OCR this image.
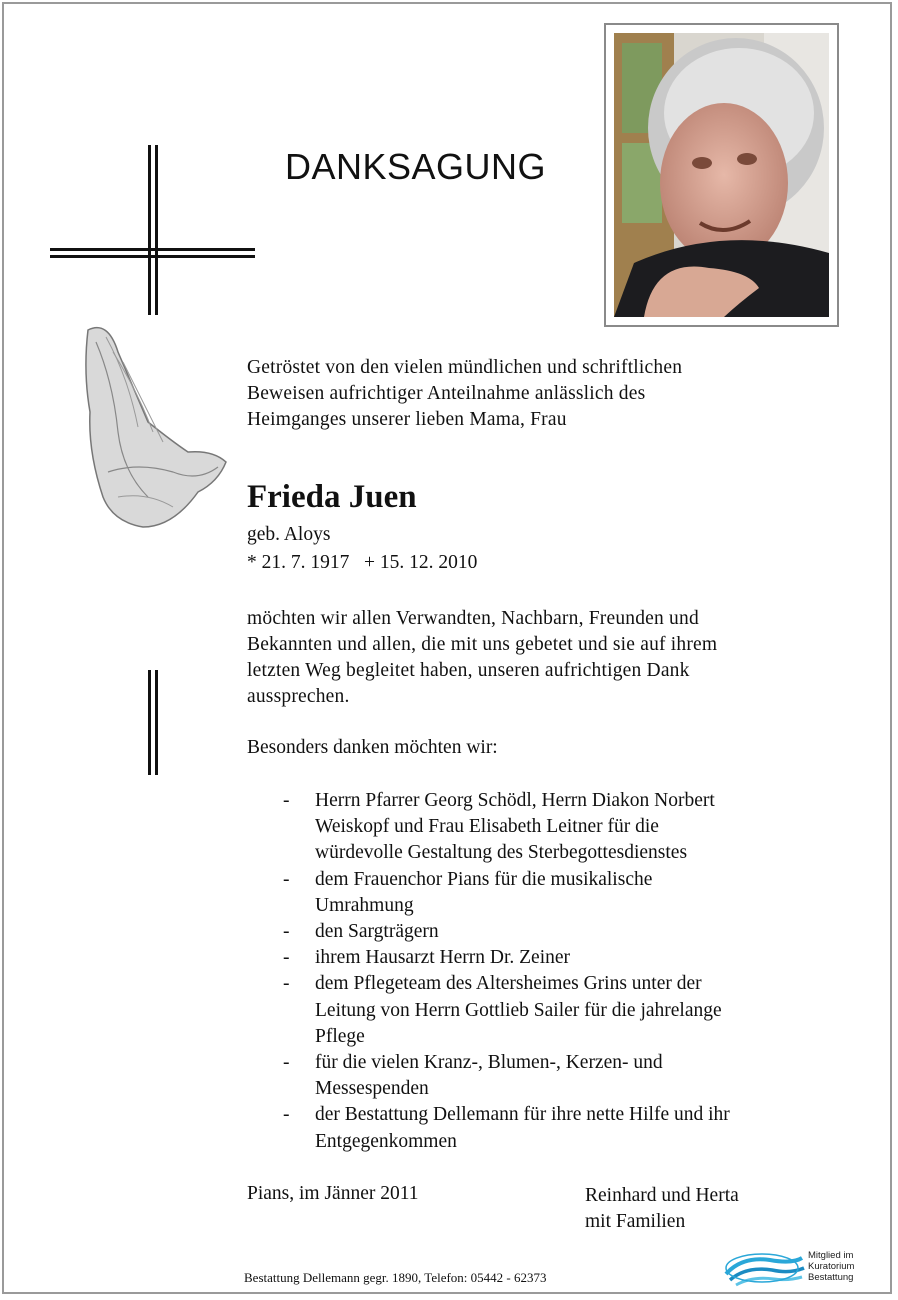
DANKSAGUNG
Getröstet von den vielen mündlichen und schriftlichen
Beweisen aufrichtiger Anteilnahme anlässlich des
Heimganges unserer lieben Mama, Frau
Frieda Juen
geb. Aloys
* 21. 7. 1917   + 15. 12. 2010
möchten wir allen Verwandten, Nachbarn, Freunden und
Bekannten und allen, die mit uns gebetet und sie auf ihrem
letzten Weg begleitet haben, unseren aufrichtigen Dank
aussprechen.
Besonders danken möchten wir:
- Herrn Pfarrer Georg Schödl, Herrn Diakon Norbert
Weiskopf und Frau Elisabeth Leitner für die
würdevolle Gestaltung des Sterbegottesdienstes
- dem Frauenchor Pians für die musikalische
Umrahmung
- den Sargträgern
- ihrem Hausarzt Herrn Dr. Zeiner
- dem Pflegeteam des Altersheimes Grins unter der
Leitung von Herrn Gottlieb Sailer für die jahrelange
Pflege
- für die vielen Kranz-, Blumen-, Kerzen- und
Messespenden
- der Bestattung Dellemann für ihre nette Hilfe und ihr
Entgegenkommen
Pians, im Jänner 2011	Reinhard und Herta
mit Familien
Bestattung Dellemann gegr. 1890, Telefon: 05442 - 62373
Mitglied im
Kuratorium Bestattung
